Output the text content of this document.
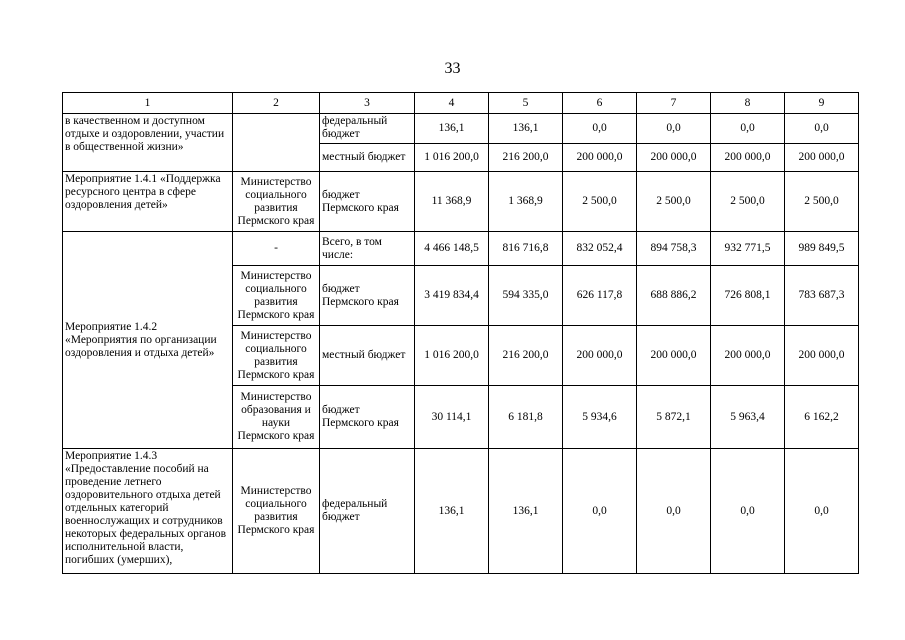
33
1	2	3	4	5	6	7	8	9
в качественном и доступном отдыхе и оздоровлении, участии в общественной жизни»		федеральный бюджет	136,1	136,1	0,0	0,0	0,0	0,0
		местный бюджет	1 016 200,0	216 200,0	200 000,0	200 000,0	200 000,0	200 000,0
Мероприятие 1.4.1 «Поддержка ресурсного центра в сфере оздоровления детей»	Министерство социального развития Пермского края	бюджет Пермского края	11 368,9	1 368,9	2 500,0	2 500,0	2 500,0	2 500,0
Мероприятие 1.4.2 «Мероприятия по организации оздоровления и отдыха детей»	-	Всего, в том числе:	4 466 148,5	816 716,8	832 052,4	894 758,3	932 771,5	989 849,5
	Министерство социального развития Пермского края	бюджет Пермского края	3 419 834,4	594 335,0	626 117,8	688 886,2	726 808,1	783 687,3
	Министерство социального развития Пермского края	местный бюджет	1 016 200,0	216 200,0	200 000,0	200 000,0	200 000,0	200 000,0
	Министерство образования и науки Пермского края	бюджет Пермского края	30 114,1	6 181,8	5 934,6	5 872,1	5 963,4	6 162,2
Мероприятие 1.4.3 «Предоставление пособий на проведение летнего оздоровительного отдыха детей отдельных категорий военнослужащих и сотрудников некоторых федеральных органов исполнительной власти, погибших (умерших),	Министерство социального развития Пермского края	федеральный бюджет	136,1	136,1	0,0	0,0	0,0	0,0
